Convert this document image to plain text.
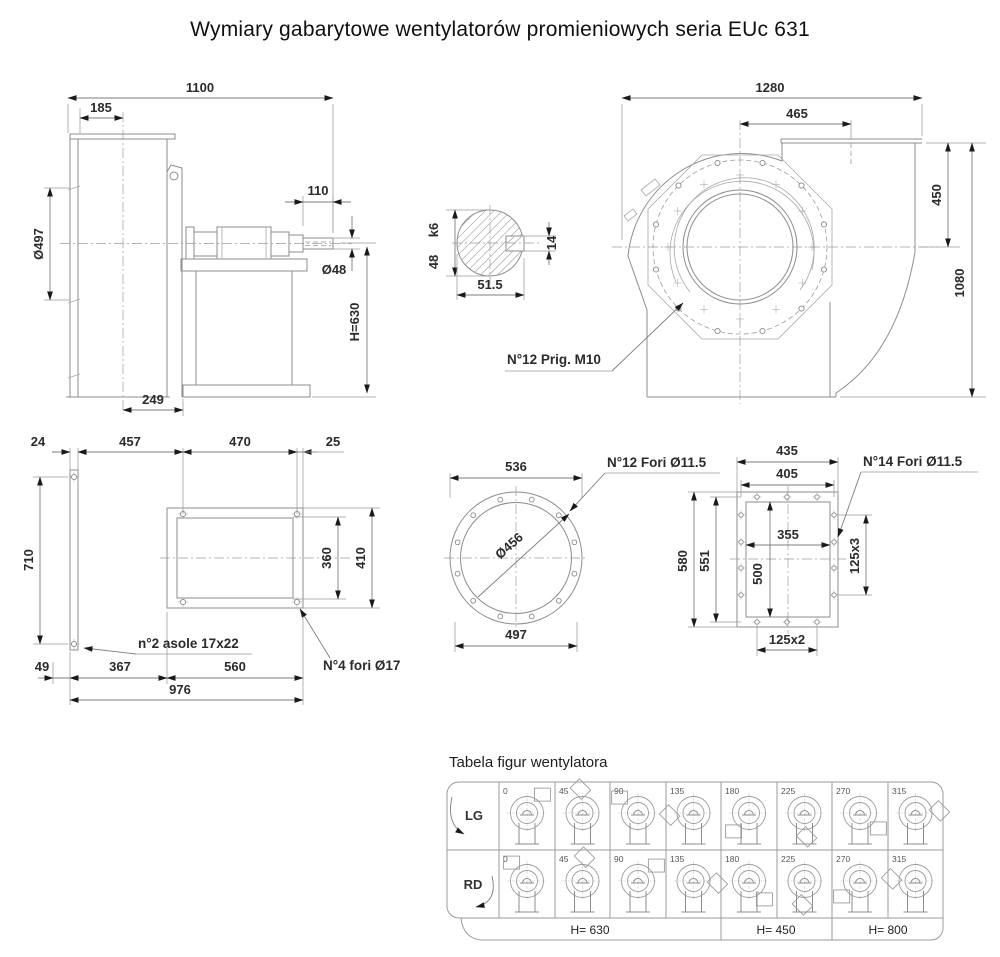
Wymiary gabarytowe wentylatorów promieniowych seria EUc 631
1100
185
110
Ø497
Ø48
H=630
249
48
k6
14
51.5
N°12 Prig. M10
1280
465
450
1080
24	457	470	25
710	360 410
49	367	560
976
n°2 asole 17x22
N°4 fori Ø17
536
497
Ø456
N°12 Fori Ø11.5
435
405
355
500
580 551	125x3
125x2
N°14 Fori Ø11.5
Tabela figur wentylatora
LG
RD
0	45	90	135	180	225	270	315
0	45	90	135	180	225	270	315
H= 630	H= 450	H= 800
